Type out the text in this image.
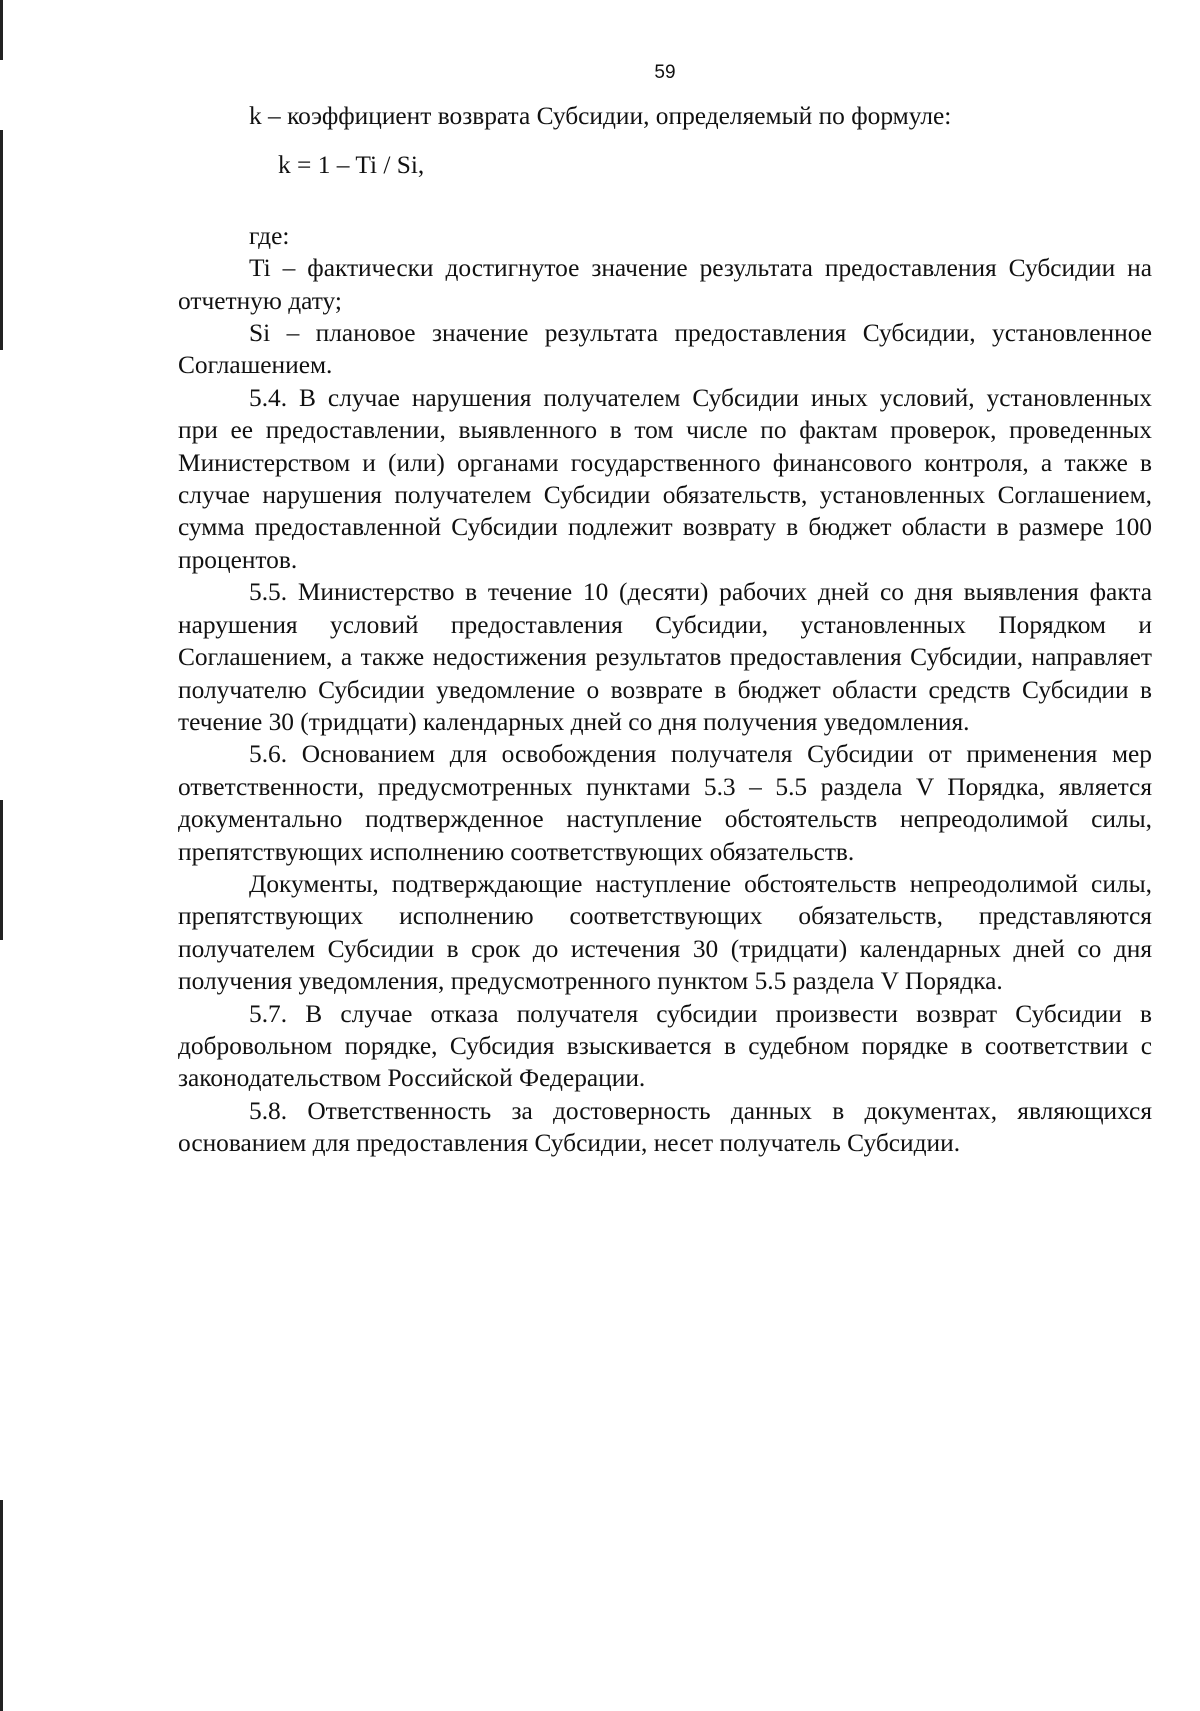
59

k – коэффициент возврата Субсидии, определяемый по формуле:

k = 1 – Ti / Si,

где:

Ti – фактически достигнутое значение результата предоставления Субсидии на отчетную дату;

Si – плановое значение результата предоставления Субсидии, установленное Соглашением.

5.4. В случае нарушения получателем Субсидии иных условий, установленных при ее предоставлении, выявленного в том числе по фактам проверок, проведенных Министерством и (или) органами государственного финансового контроля, а также в случае нарушения получателем Субсидии обязательств, установленных Соглашением, сумма предоставленной Субсидии подлежит возврату в бюджет области в размере 100 процентов.

5.5. Министерство в течение 10 (десяти) рабочих дней со дня выявления факта нарушения условий предоставления Субсидии, установленных Порядком и Соглашением, а также недостижения результатов предоставления Субсидии, направляет получателю Субсидии уведомление о возврате в бюджет области средств Субсидии в течение 30 (тридцати) календарных дней со дня получения уведомления.

5.6. Основанием для освобождения получателя Субсидии от применения мер ответственности, предусмотренных пунктами 5.3 – 5.5 раздела V Порядка, является документально подтвержденное наступление обстоятельств непреодолимой силы, препятствующих исполнению соответствующих обязательств.

Документы, подтверждающие наступление обстоятельств непреодолимой силы, препятствующих исполнению соответствующих обязательств, представляются получателем Субсидии в срок до истечения 30 (тридцати) календарных дней со дня получения уведомления, предусмотренного пунктом 5.5 раздела V Порядка.

5.7. В случае отказа получателя субсидии произвести возврат Субсидии в добровольном порядке, Субсидия взыскивается в судебном порядке в соответствии с законодательством Российской Федерации.

5.8. Ответственность за достоверность данных в документах, являющихся основанием для предоставления Субсидии, несет получатель Субсидии.
